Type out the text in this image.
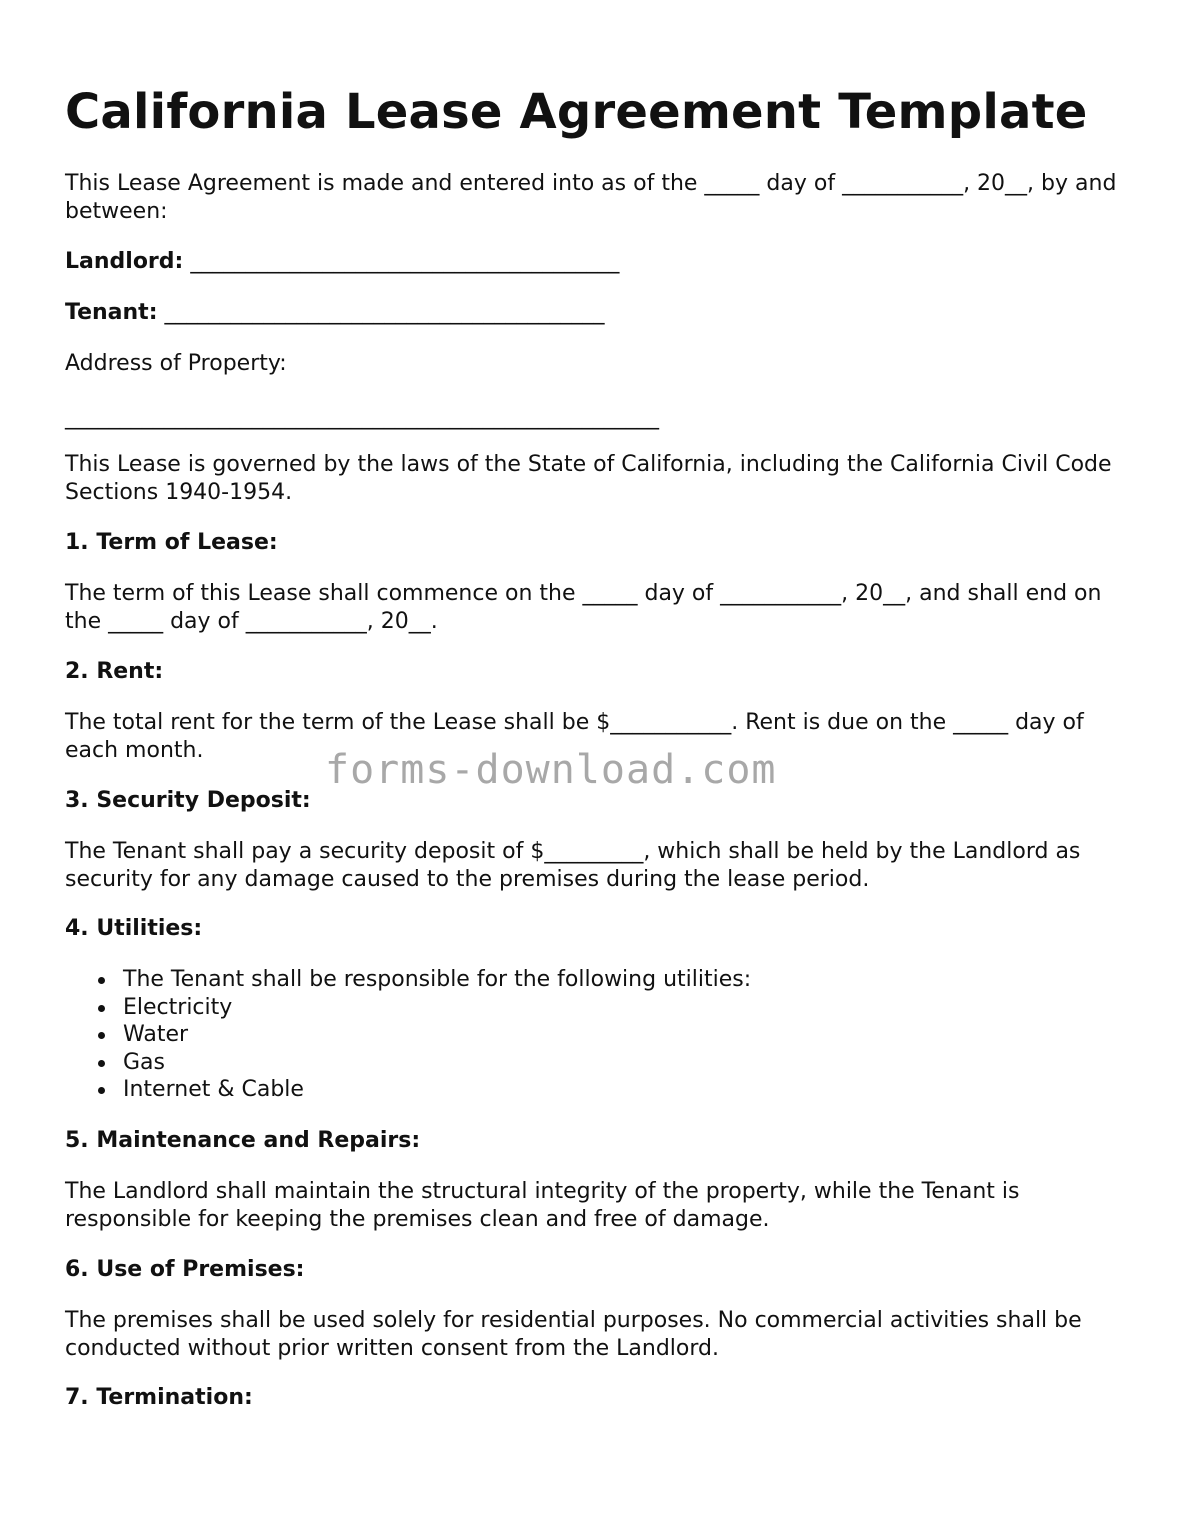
California Lease Agreement Template

This Lease Agreement is made and entered into as of the _____ day of ___________, 20__, by and between:

Landlord: _______________________________________

Tenant: ________________________________________

Address of Property:

______________________________________________________

This Lease is governed by the laws of the State of California, including the California Civil Code Sections 1940-1954.

1. Term of Lease:

The term of this Lease shall commence on the _____ day of ___________, 20__, and shall end on the _____ day of ___________, 20__.

2. Rent:

The total rent for the term of the Lease shall be $___________. Rent is due on the _____ day of each month.

3. Security Deposit:

The Tenant shall pay a security deposit of $_________, which shall be held by the Landlord as security for any damage caused to the premises during the lease period.

4. Utilities:

The Tenant shall be responsible for the following utilities:
Electricity
Water
Gas
Internet & Cable

5. Maintenance and Repairs:

The Landlord shall maintain the structural integrity of the property, while the Tenant is responsible for keeping the premises clean and free of damage.

6. Use of Premises:

The premises shall be used solely for residential purposes. No commercial activities shall be conducted without prior written consent from the Landlord.

7. Termination:

forms-download.com
